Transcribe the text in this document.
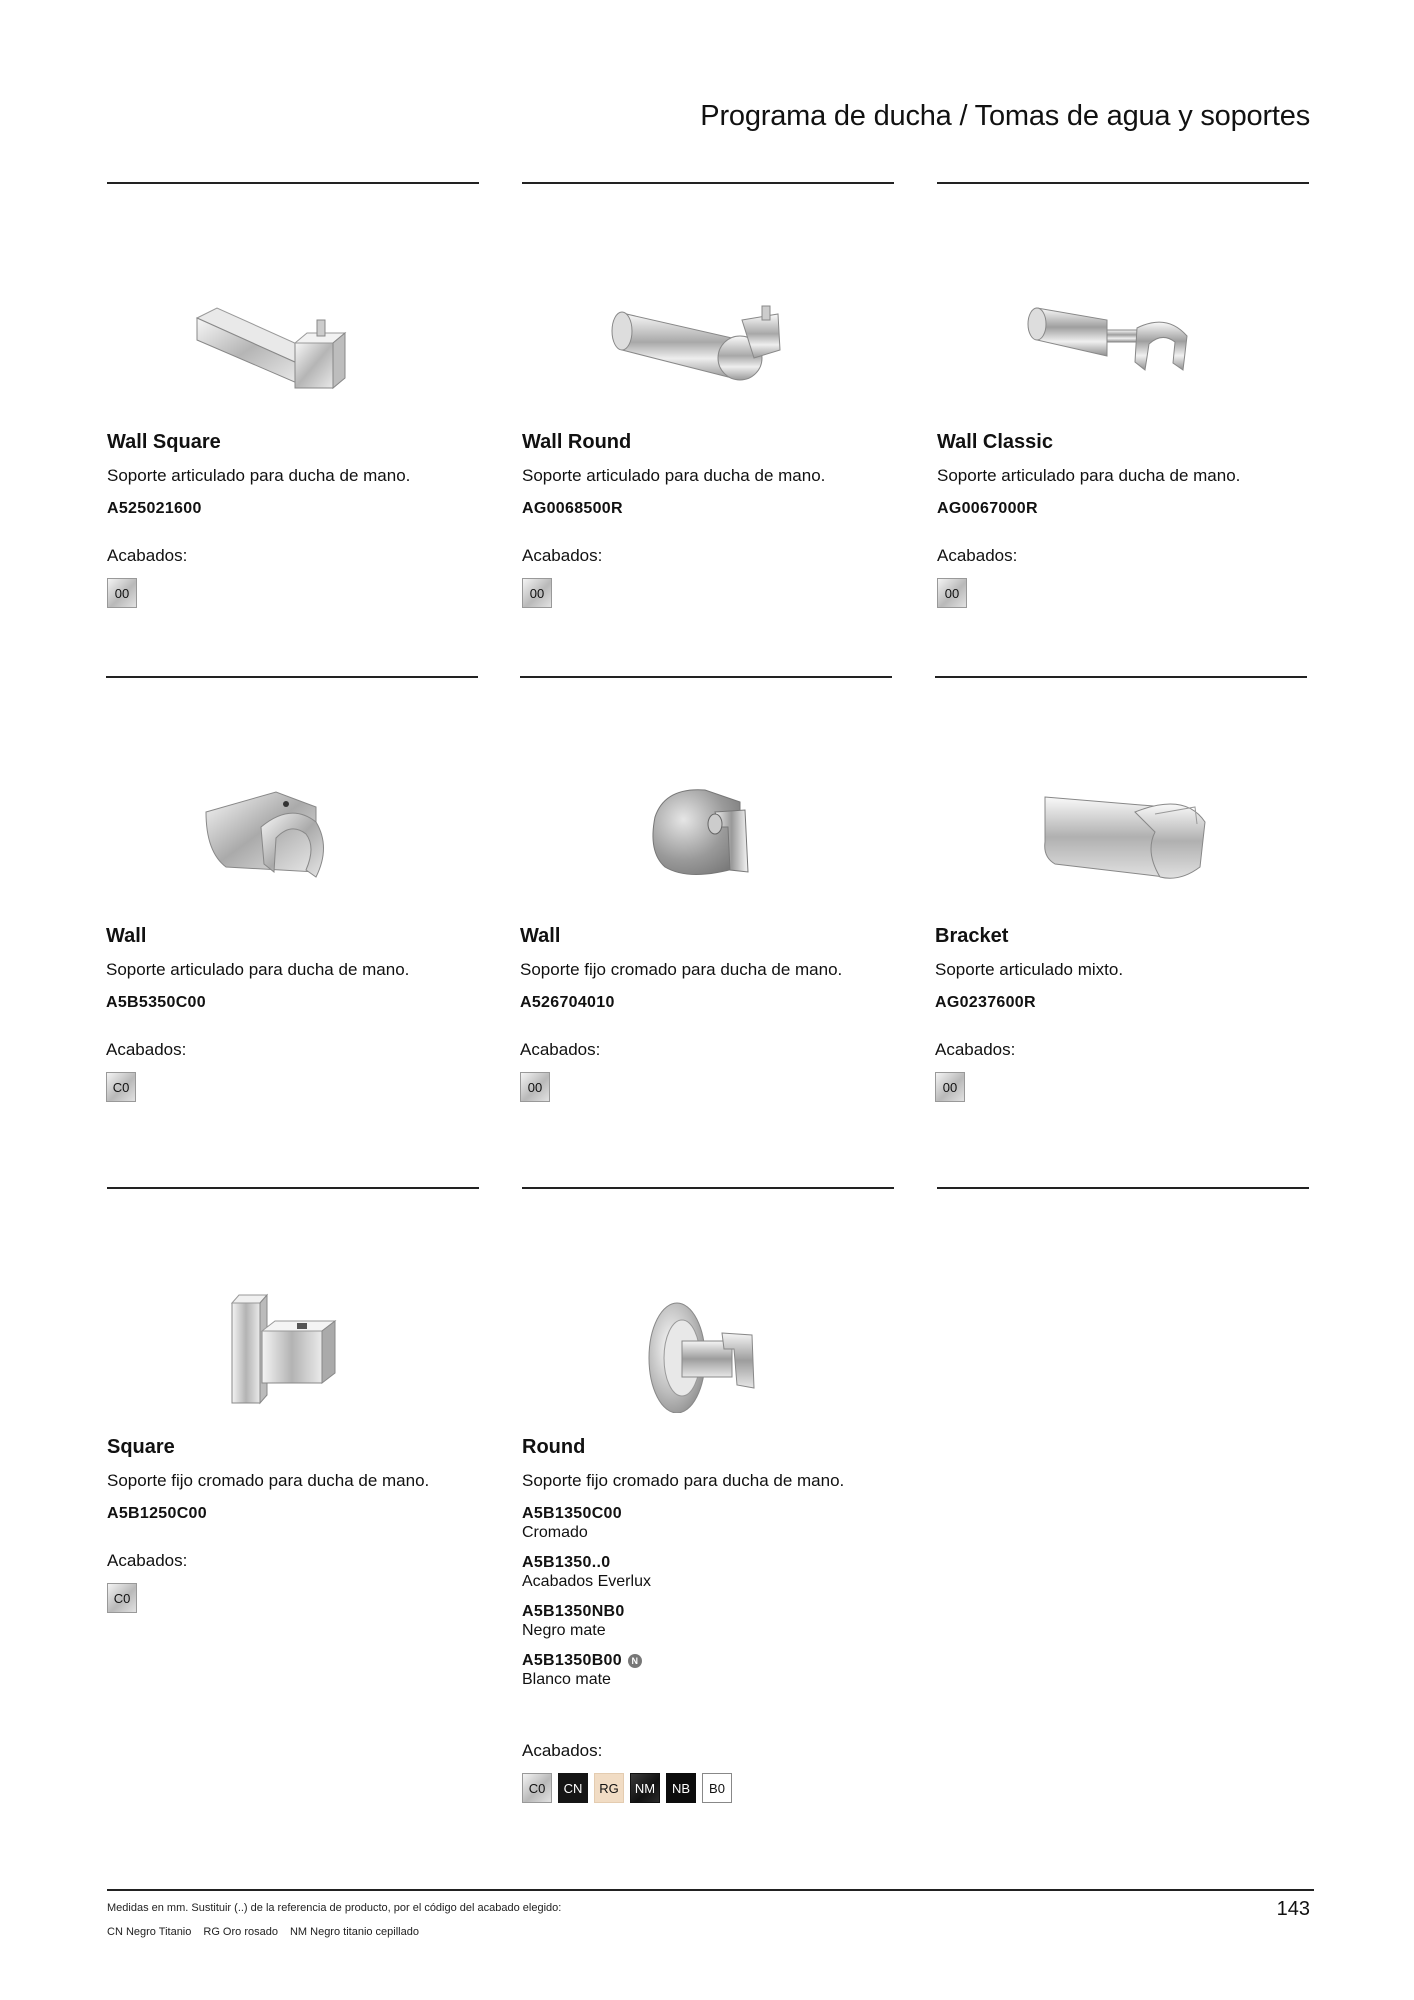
Programa de ducha / Tomas de agua y soportes
Wall Square
Soporte articulado para ducha de mano.
A525021600
Acabados:
00
Wall Round
Soporte articulado para ducha de mano.
AG0068500R
Acabados:
00
Wall Classic
Soporte articulado para ducha de mano.
AG0067000R
Acabados:
00
Wall
Soporte articulado para ducha de mano.
A5B5350C00
Acabados:
C0
Wall
Soporte fijo cromado para ducha de mano.
A526704010
Acabados:
00
Bracket
Soporte articulado mixto.
AG0237600R
Acabados:
00
Square
Soporte fijo cromado para ducha de mano.
A5B1250C00
Acabados:
C0
Round
Soporte fijo cromado para ducha de mano.
A5B1350C00
Cromado
A5B1350..0
Acabados Everlux
A5B1350NB0
Negro mate
A5B1350B00	N
Blanco mate
Acabados:
C0	CN	RG	NM	NB	B0
Medidas en mm. Sustituir (..) de la referencia de producto, por el código del acabado elegido:
CN Negro Titanio RG Oro rosado NM Negro titanio cepillado
143
